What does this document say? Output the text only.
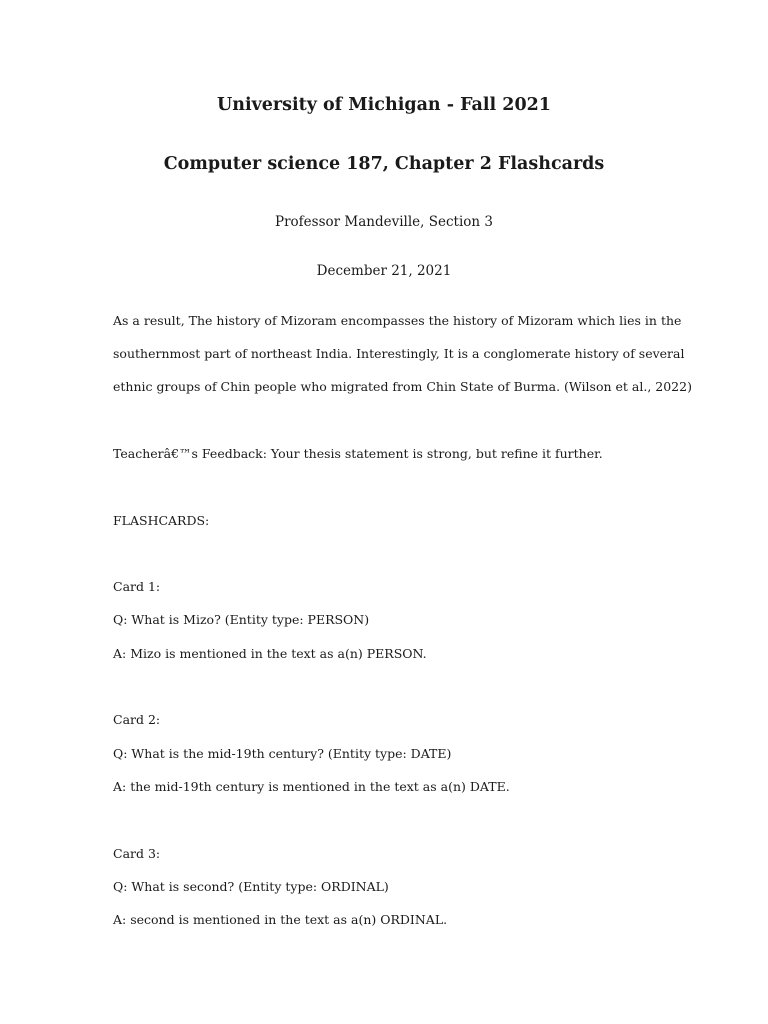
University of Michigan - Fall 2021
Computer science 187, Chapter 2 Flashcards
Professor Mandeville, Section 3
December 21, 2021
As a result, The history of Mizoram encompasses the history of Mizoram which lies in the
southernmost part of northeast India. Interestingly, It is a conglomerate history of several
ethnic groups of Chin people who migrated from Chin State of Burma. (Wilson et al., 2022)
Teacherâ€™s Feedback: Your thesis statement is strong, but refine it further.
FLASHCARDS:
Card 1:
Q: What is Mizo? (Entity type: PERSON)
A: Mizo is mentioned in the text as a(n) PERSON.
Card 2:
Q: What is the mid-19th century? (Entity type: DATE)
A: the mid-19th century is mentioned in the text as a(n) DATE.
Card 3:
Q: What is second? (Entity type: ORDINAL)
A: second is mentioned in the text as a(n) ORDINAL.
